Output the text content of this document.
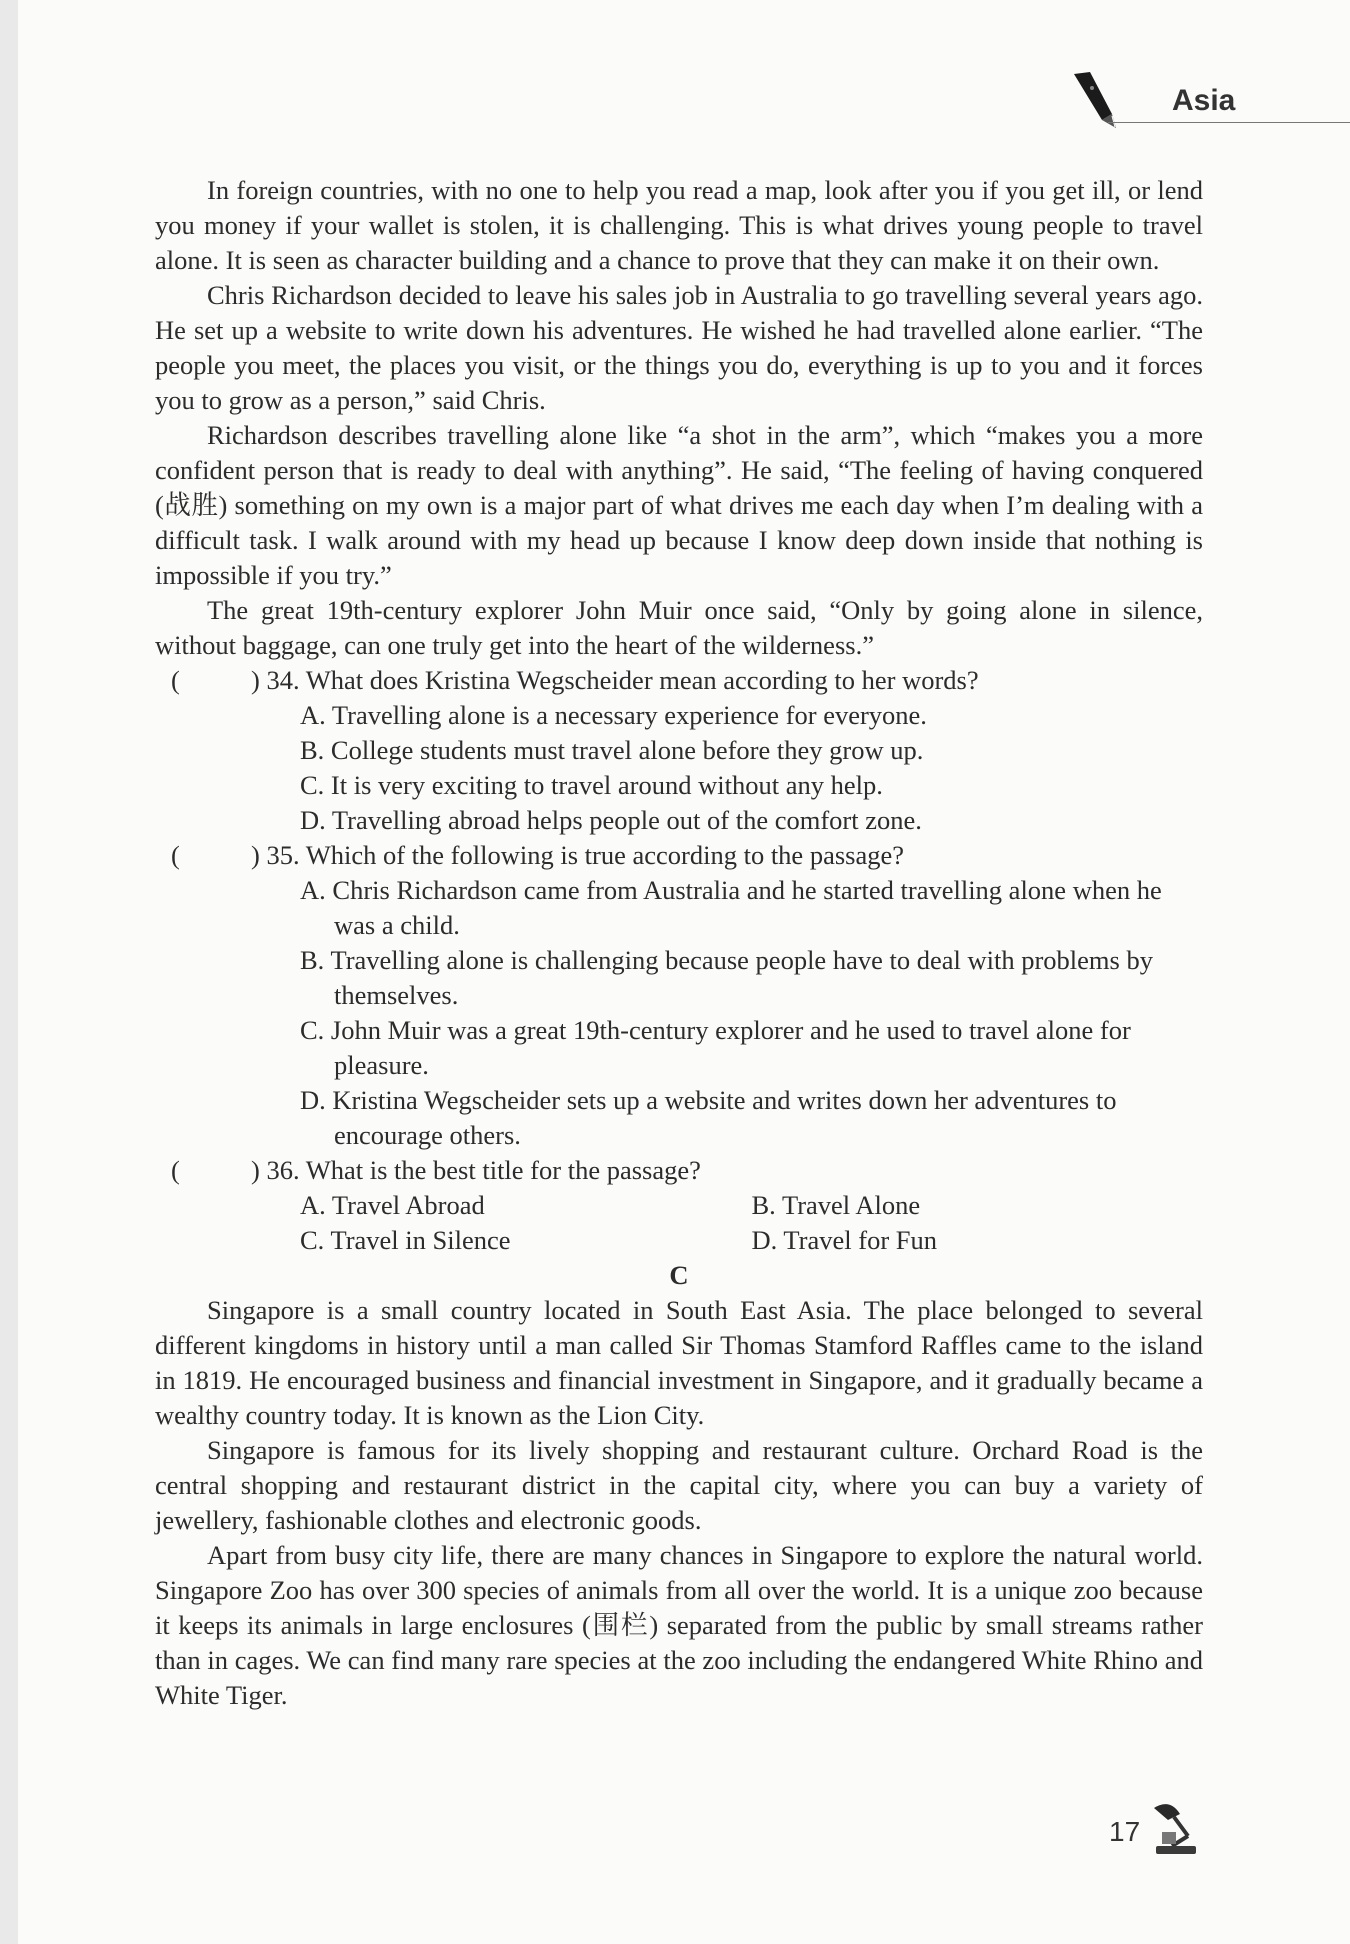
Asia

In foreign countries, with no one to help you read a map, look after you if you get ill, or lend you money if your wallet is stolen, it is challenging. This is what drives young people to travel alone. It is seen as character building and a chance to prove that they can make it on their own.

Chris Richardson decided to leave his sales job in Australia to go travelling several years ago. He set up a website to write down his adventures. He wished he had travelled alone earlier. “The people you meet, the places you visit, or the things you do, everything is up to you and it forces you to grow as a person,” said Chris.

Richardson describes travelling alone like “a shot in the arm”, which “makes you a more confident person that is ready to deal with anything”. He said, “The feeling of having conquered (战胜) something on my own is a major part of what drives me each day when I’m dealing with a difficult task. I walk around with my head up because I know deep down inside that nothing is impossible if you try.”

The great 19th-century explorer John Muir once said, “Only by going alone in silence, without baggage, can one truly get into the heart of the wilderness.”

(	) 34. What does Kristina Wegscheider mean according to her words?
A. Travelling alone is a necessary experience for everyone.
B. College students must travel alone before they grow up.
C. It is very exciting to travel around without any help.
D. Travelling abroad helps people out of the comfort zone.
(	) 35. Which of the following is true according to the passage?
A. Chris Richardson came from Australia and he started travelling alone when he was a child.
B. Travelling alone is challenging because people have to deal with problems by themselves.
C. John Muir was a great 19th-century explorer and he used to travel alone for pleasure.
D. Kristina Wegscheider sets up a website and writes down her adventures to encourage others.
(	) 36. What is the best title for the passage?
A. Travel Abroad	B. Travel Alone
C. Travel in Silence	D. Travel for Fun
C

Singapore is a small country located in South East Asia. The place belonged to several different kingdoms in history until a man called Sir Thomas Stamford Raffles came to the island in 1819. He encouraged business and financial investment in Singapore, and it gradually became a wealthy country today. It is known as the Lion City.

Singapore is famous for its lively shopping and restaurant culture. Orchard Road is the central shopping and restaurant district in the capital city, where you can buy a variety of jewellery, fashionable clothes and electronic goods.

Apart from busy city life, there are many chances in Singapore to explore the natural world. Singapore Zoo has over 300 species of animals from all over the world. It is a unique zoo because it keeps its animals in large enclosures (围栏) separated from the public by small streams rather than in cages. We can find many rare species at the zoo including the endangered White Rhino and White Tiger.

17
